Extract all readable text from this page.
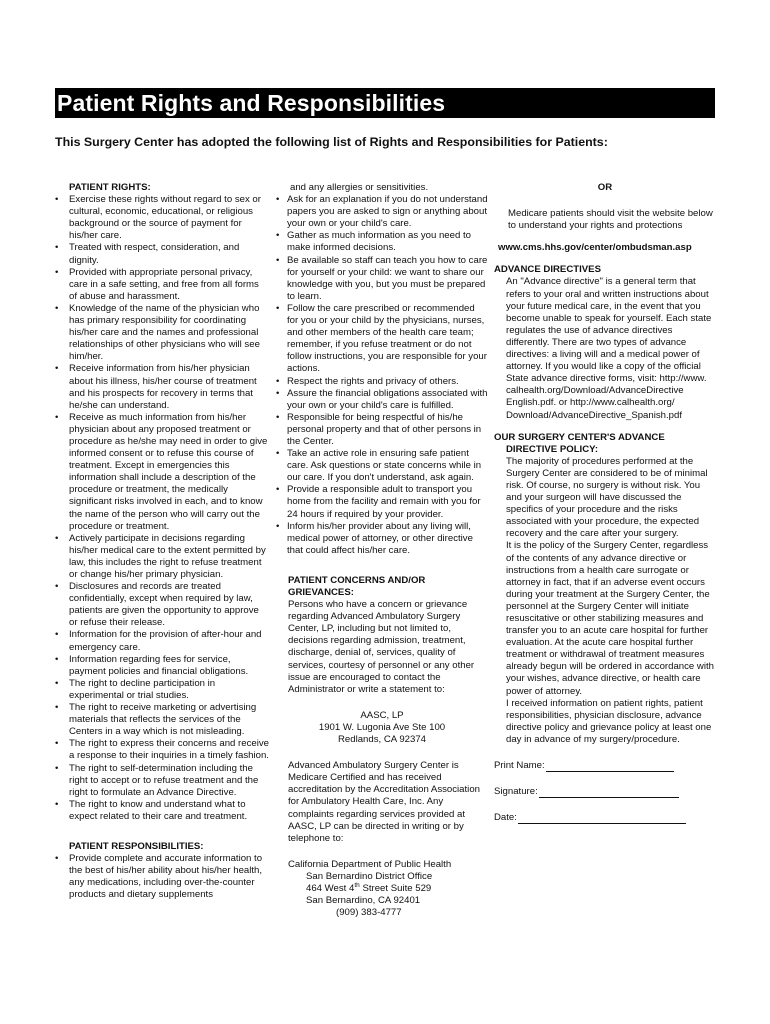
Patient Rights and Responsibilities
This Surgery Center has adopted the following list of Rights and Responsibilities for Patients:
PATIENT RIGHTS:
• Exercise these rights without regard to sex or cultural, economic, educational, or religious background or the source of payment for his/her care.
• Treated with respect, consideration, and dignity.
• Provided with appropriate personal privacy, care in a safe setting, and free from all forms of abuse and harassment.
• Knowledge of the name of the physician who has primary responsibility for coordinating his/her care and the names and professional relationships of other physicians who will see him/her.
• Receive information from his/her physician about his illness, his/her course of treatment and his prospects for recovery in terms that he/she can understand.
• Receive as much information from his/her physician about any proposed treatment or procedure as he/she may need in order to give informed consent or to refuse this course of treatment. Except in emergencies this information shall include a description of the procedure or treatment, the medically significant risks involved in each, and to know the name of the person who will carry out the procedure or treatment.
• Actively participate in decisions regarding his/her medical care to the extent permitted by law, this includes the right to refuse treatment or change his/her primary physician.
• Disclosures and records are treated confidentially, except when required by law, patients are given the opportunity to approve or refuse their release.
• Information for the provision of after-hour and emergency care.
• Information regarding fees for service, payment policies and financial obligations.
• The right to decline participation in experimental or trial studies.
• The right to receive marketing or advertising materials that reflects the services of the Centers in a way which is not misleading.
• The right to express their concerns and receive a response to their inquiries in a timely fashion.
• The right to self-determination including the right to accept or to refuse treatment and the right to formulate an Advance Directive.
• The right to know and understand what to expect related to their care and treatment.
PATIENT RESPONSIBILITIES:
• Provide complete and accurate information to the best of his/her ability about his/her health, any medications, including over-the-counter products and dietary supplements
and any allergies or sensitivities.
• Ask for an explanation if you do not understand papers you are asked to sign or anything about your own or your child's care.
• Gather as much information as you need to make informed decisions.
• Be available so staff can teach you how to care for yourself or your child: we want to share our knowledge with you, but you must be prepared to learn.
• Follow the care prescribed or recommended for you or your child by the physicians, nurses, and other members of the health care team; remember, if you refuse treatment or do not follow instructions, you are responsible for your actions.
• Respect the rights and privacy of others.
• Assure the financial obligations associated with your own or your child's care is fulfilled.
• Responsible for being respectful of his/he personal property and that of other persons in the Center.
• Take an active role in ensuring safe patient care. Ask questions or state concerns while in our care. If you don't understand, ask again.
• Provide a responsible adult to transport you home from the facility and remain with you for 24 hours if required by your provider.
• Inform his/her provider about any living will, medical power of attorney, or other directive that could affect his/her care.
PATIENT CONCERNS AND/OR
GRIEVANCES:
Persons who have a concern or grievance regarding Advanced Ambulatory Surgery Center, LP, including but not limited to, decisions regarding admission, treatment, discharge, denial of, services, quality of services, courtesy of personnel or any other issue are encouraged to contact the Administrator or write a statement to:
AASC, LP
1901 W. Lugonia Ave Ste 100
Redlands, CA 92374
Advanced Ambulatory Surgery Center is Medicare Certified and has received accreditation by the Accreditation Association for Ambulatory Health Care, Inc. Any complaints regarding services provided at AASC, LP can be directed in writing or by telephone to:
California Department of Public Health
San Bernardino District Office
464 West 4th Street Suite 529
San Bernardino, CA 92401
(909) 383-4777
OR
Medicare patients should visit the website below to understand your rights and protections
www.cms.hhs.gov/center/ombudsman.asp
ADVANCE DIRECTIVES
An "Advance directive" is a general term that refers to your oral and written instructions about your future medical care, in the event that you become unable to speak for yourself. Each state regulates the use of advance directives differently. There are two types of advance directives: a living will and a medical power of attorney. If you would like a copy of the official State advance directive forms, visit: http://www. calhealth.org/Download/AdvanceDirective English.pdf. or http://www.calhealth.org/ Download/AdvanceDirective_Spanish.pdf
OUR SURGERY CENTER'S ADVANCE
DIRECTIVE POLICY:
The majority of procedures performed at the Surgery Center are considered to be of minimal risk. Of course, no surgery is without risk. You and your surgeon will have discussed the specifics of your procedure and the risks associated with your procedure, the expected recovery and the care after your surgery.
It is the policy of the Surgery Center, regardless of the contents of any advance directive or instructions from a health care surrogate or attorney in fact, that if an adverse event occurs during your treatment at the Surgery Center, the personnel at the Surgery Center will initiate resuscitative or other stabilizing measures and transfer you to an acute care hospital for further evaluation. At the acute care hospital further treatment or withdrawal of treatment measures already begun will be ordered in accordance with your wishes, advance directive, or health care power of attorney.
I received information on patient rights, patient responsibilities, physician disclosure, advance directive policy and grievance policy at least one day in advance of my surgery/procedure.
Print Name:
Signature:
Date:
